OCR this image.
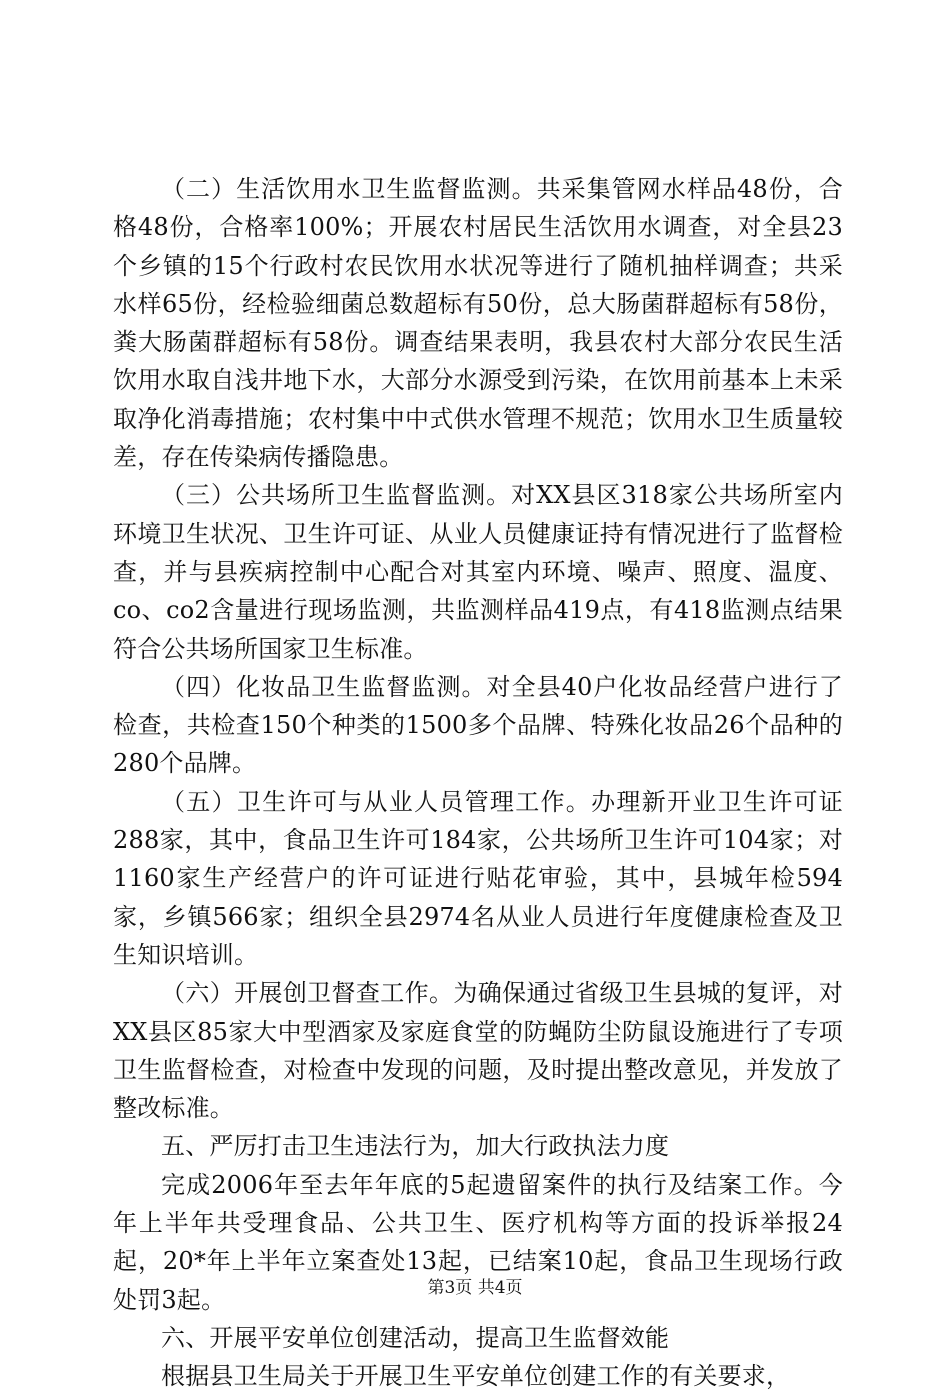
（二）生活饮用水卫生监督监测。共采集管网水样品48份，合格48份，合格率100%；开展农村居民生活饮用水调查，对全县23个乡镇的15个行政村农民饮用水状况等进行了随机抽样调查；共采水样65份，经检验细菌总数超标有50份，总大肠菌群超标有58份，粪大肠菌群超标有58份。调查结果表明，我县农村大部分农民生活饮用水取自浅井地下水，大部分水源受到污染，在饮用前基本上未采取净化消毒措施；农村集中中式供水管理不规范；饮用水卫生质量较差，存在传染病传播隐患。

（三）公共场所卫生监督监测。对XX县区318家公共场所室内环境卫生状况、卫生许可证、从业人员健康证持有情况进行了监督检查，并与县疾病控制中心配合对其室内环境、噪声、照度、温度、co、co2含量进行现场监测，共监测样品419点，有418监测点结果符合公共场所国家卫生标准。

（四）化妆品卫生监督监测。对全县40户化妆品经营户进行了检查，共检查150个种类的1500多个品牌、特殊化妆品26个品种的280个品牌。

（五）卫生许可与从业人员管理工作。办理新开业卫生许可证288家，其中，食品卫生许可184家，公共场所卫生许可104家；对1160家生产经营户的许可证进行贴花审验，其中，县城年检594家，乡镇566家；组织全县2974名从业人员进行年度健康检查及卫生知识培训。

（六）开展创卫督查工作。为确保通过省级卫生县城的复评，对XX县区85家大中型酒家及家庭食堂的防蝇防尘防鼠设施进行了专项卫生监督检查，对检查中发现的问题，及时提出整改意见，并发放了整改标准。

五、严厉打击卫生违法行为，加大行政执法力度

完成2006年至去年年底的5起遗留案件的执行及结案工作。今年上半年共受理食品、公共卫生、医疗机构等方面的投诉举报24起，20*年上半年立案查处13起，已结案10起，食品卫生现场行政处罚3起。

六、开展平安单位创建活动，提高卫生监督效能

根据县卫生局关于开展卫生平安单位创建工作的有关要求，

第3页 共4页
